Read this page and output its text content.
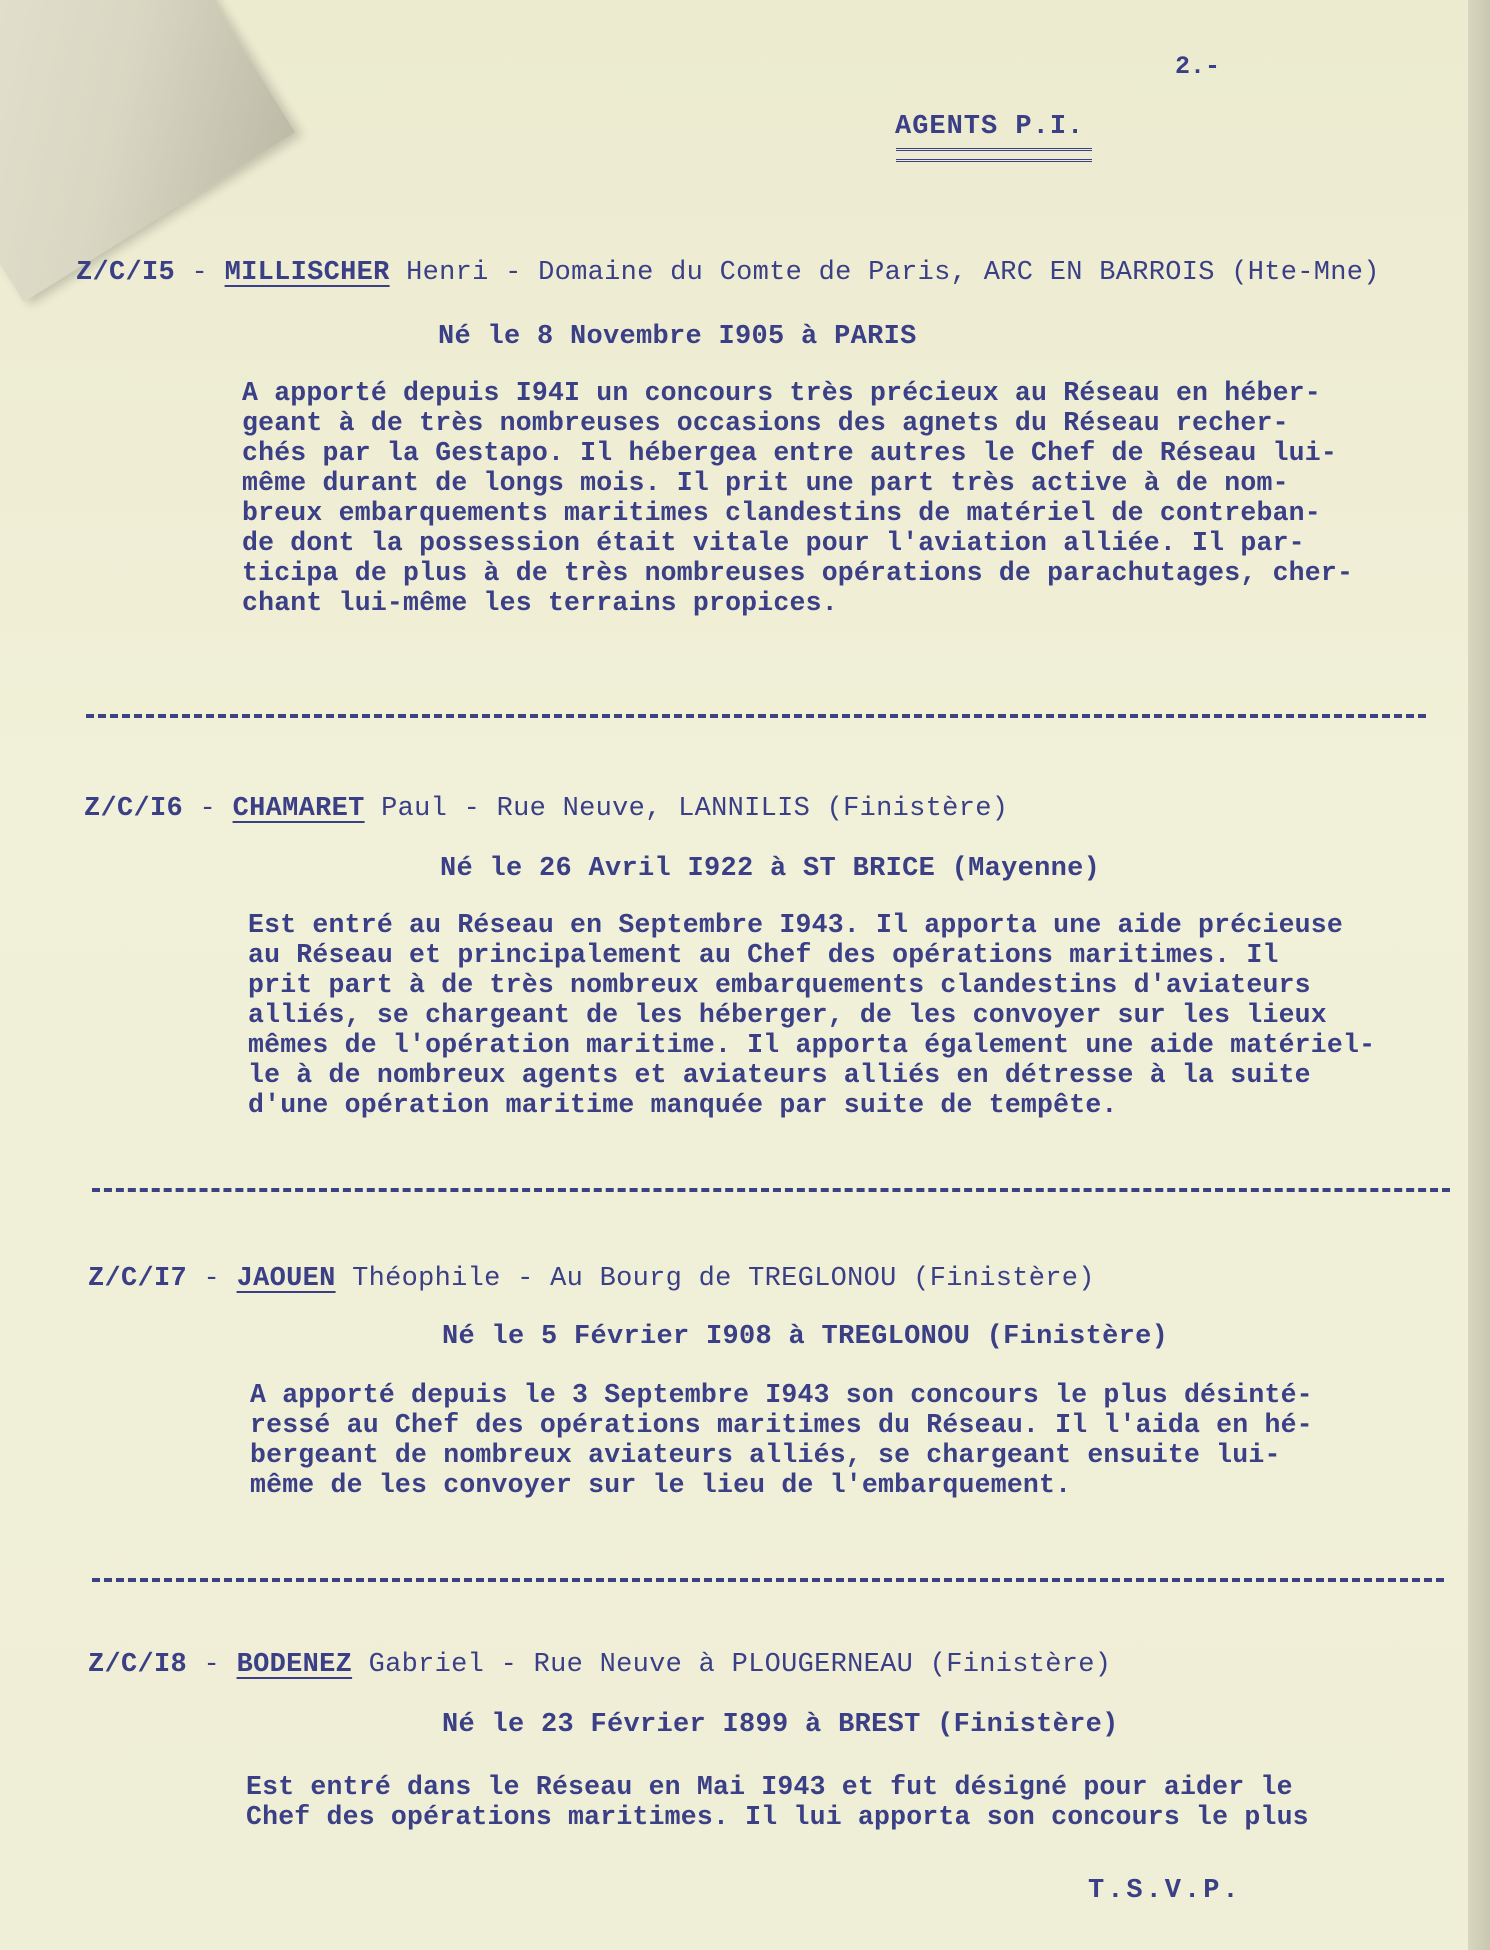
2.-
AGENTS P.I.
Z/C/I5 - MILLISCHER Henri - Domaine du Comte de Paris, ARC EN BARROIS (Hte-Mne)
Né le 8 Novembre I905 à PARIS
A apporté depuis I94I un concours très précieux au Réseau en héber-
geant à de très nombreuses occasions des agnets du Réseau recher-
chés par la Gestapo. Il hébergea entre autres le Chef de Réseau lui-
même durant de longs mois. Il prit une part très active à de nom-
breux embarquements maritimes clandestins de matériel de contreban-
de dont la possession était vitale pour l'aviation alliée. Il par-
ticipa de plus à de très nombreuses opérations de parachutages, cher-
chant lui-même les terrains propices.
Z/C/I6 - CHAMARET Paul - Rue Neuve, LANNILIS (Finistère)
Né le 26 Avril I922 à ST BRICE (Mayenne)
Est entré au Réseau en Septembre I943. Il apporta une aide précieuse
au Réseau et principalement au Chef des opérations maritimes. Il
prit part à de très nombreux embarquements clandestins d'aviateurs
alliés, se chargeant de les héberger, de les convoyer sur les lieux
mêmes de l'opération maritime. Il apporta également une aide matériel-
le à de nombreux agents et aviateurs alliés en détresse à la suite
d'une opération maritime manquée par suite de tempête.
Z/C/I7 - JAOUEN Théophile - Au Bourg de TREGLONOU (Finistère)
Né le 5 Février I908 à TREGLONOU (Finistère)
A apporté depuis le 3 Septembre I943 son concours le plus désinté-
ressé au Chef des opérations maritimes du Réseau. Il l'aida en hé-
bergeant de nombreux aviateurs alliés, se chargeant ensuite lui-
même de les convoyer sur le lieu de l'embarquement.
Z/C/I8 - BODENEZ Gabriel - Rue Neuve à PLOUGERNEAU (Finistère)
Né le 23 Février I899 à BREST (Finistère)
Est entré dans le Réseau en Mai I943 et fut désigné pour aider le
Chef des opérations maritimes. Il lui apporta son concours le plus
T.S.V.P.
